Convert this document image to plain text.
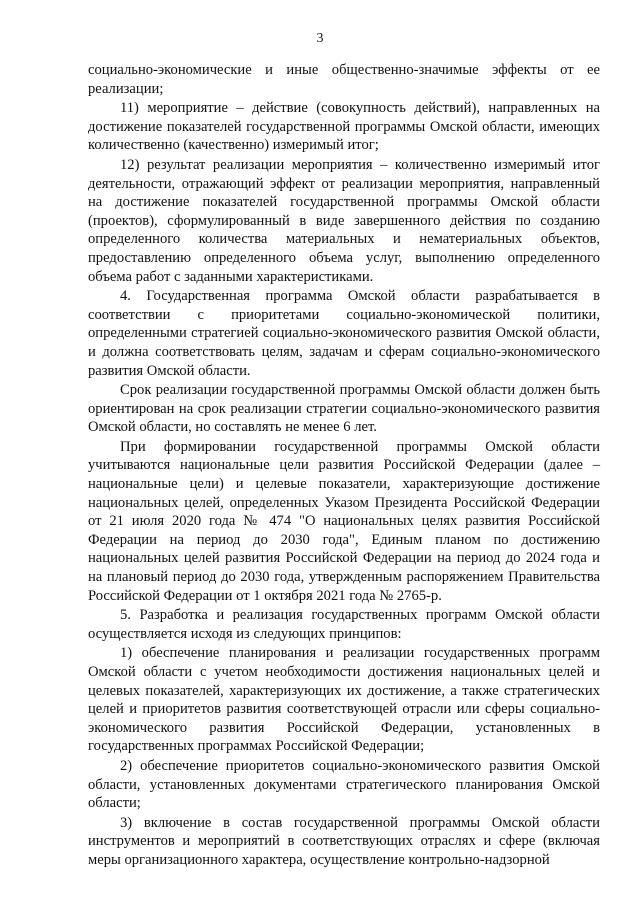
3

социально-экономические и иные общественно-значимые эффекты от ее реализации;

11) мероприятие – действие (совокупность действий), направленных на достижение показателей государственной программы Омской области, имеющих количественно (качественно) измеримый итог;

12) результат реализации мероприятия – количественно измеримый итог деятельности, отражающий эффект от реализации мероприятия, направленный на достижение показателей государственной программы Омской области (проектов), сформулированный в виде завершенного действия по созданию определенного количества материальных и нематериальных объектов, предоставлению определенного объема услуг, выполнению определенного объема работ с заданными характеристиками.

4. Государственная программа Омской области разрабатывается в соответствии с приоритетами социально-экономической политики, определенными стратегией социально-экономического развития Омской области, и должна соответствовать целям, задачам и сферам социально-экономического развития Омской области.

Срок реализации государственной программы Омской области должен быть ориентирован на срок реализации стратегии социально-экономического развития Омской области, но составлять не менее 6 лет.

При формировании государственной программы Омской области учитываются национальные цели развития Российской Федерации (далее – национальные цели) и целевые показатели, характеризующие достижение национальных целей, определенных Указом Президента Российской Федерации от 21 июля 2020 года № 474 "О национальных целях развития Российской Федерации на период до 2030 года", Единым планом по достижению национальных целей развития Российской Федерации на период до 2024 года и на плановый период до 2030 года, утвержденным распоряжением Правительства Российской Федерации от 1 октября 2021 года № 2765-р.

5. Разработка и реализация государственных программ Омской области осуществляется исходя из следующих принципов:

1) обеспечение планирования и реализации государственных программ Омской области с учетом необходимости достижения национальных целей и целевых показателей, характеризующих их достижение, а также стратегических целей и приоритетов развития соответствующей отрасли или сферы социально-экономического развития Российской Федерации, установленных в государственных программах Российской Федерации;

2) обеспечение приоритетов социально-экономического развития Омской области, установленных документами стратегического планирования Омской области;

3) включение в состав государственной программы Омской области инструментов и мероприятий в соответствующих отраслях и сфере (включая меры организационного характера, осуществление контрольно-надзорной
